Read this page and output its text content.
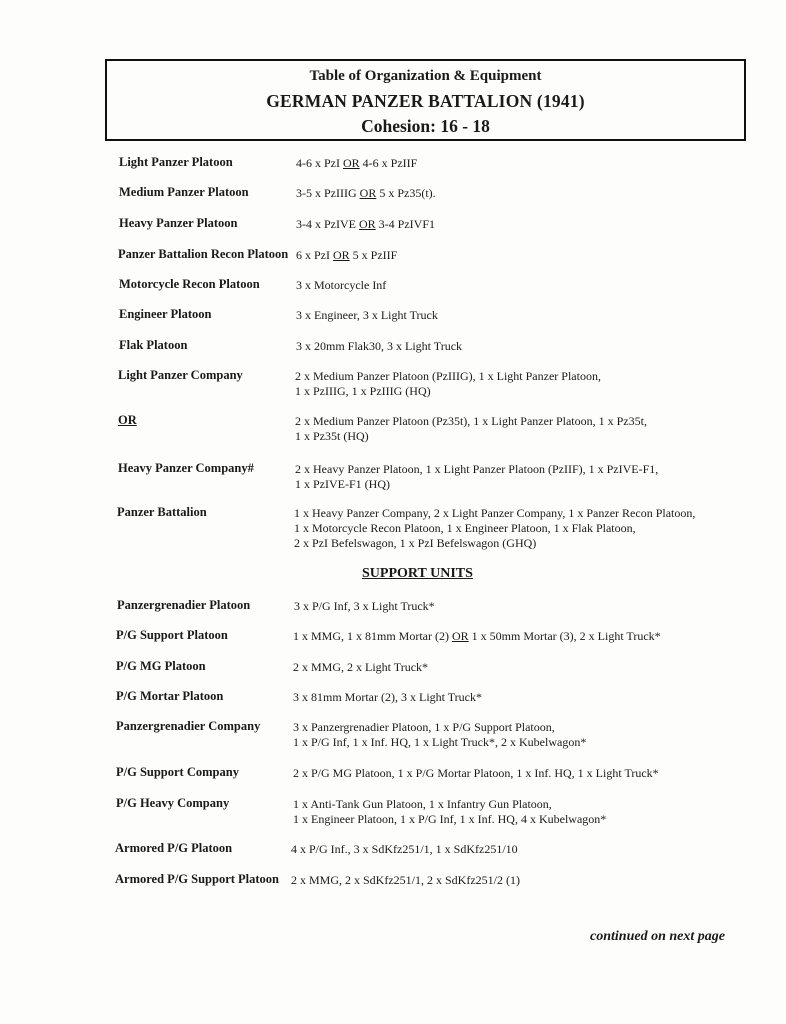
Table of Organization & Equipment
GERMAN PANZER BATTALION (1941)
Cohesion: 16 - 18
Light Panzer Platoon	4-6 x PzI OR 4-6 x PzIIF
Medium Panzer Platoon	3-5 x PzIIIG OR 5 x Pz35(t).
Heavy Panzer Platoon	3-4 x PzIVE OR 3-4 PzIVF1
Panzer Battalion Recon Platoon 6 x PzI OR 5 x PzIIF
Motorcycle Recon Platoon	3 x Motorcycle Inf
Engineer Platoon	3 x Engineer, 3 x Light Truck
Flak Platoon	3 x 20mm Flak30, 3 x Light Truck
Light Panzer Company	2 x Medium Panzer Platoon (PzIIIG), 1 x Light Panzer Platoon,
1 x PzIIIG, 1 x PzIIIG (HQ)
OR	2 x Medium Panzer Platoon (Pz35t), 1 x Light Panzer Platoon, 1 x Pz35t,
1 x Pz35t (HQ)
Heavy Panzer Company#	2 x Heavy Panzer Platoon, 1 x Light Panzer Platoon (PzIIF), 1 x PzIVE-F1,
1 x PzIVE-F1 (HQ)
Panzer Battalion	1 x Heavy Panzer Company, 2 x Light Panzer Company, 1 x Panzer Recon Platoon,
1 x Motorcycle Recon Platoon, 1 x Engineer Platoon, 1 x Flak Platoon,
2 x PzI Befelswagon, 1 x PzI Befelswagon (GHQ)
SUPPORT UNITS
Panzergrenadier Platoon	3 x P/G Inf, 3 x Light Truck*
P/G Support Platoon	1 x MMG, 1 x 81mm Mortar (2) OR 1 x 50mm Mortar (3), 2 x Light Truck*
P/G MG Platoon	2 x MMG, 2 x Light Truck*
P/G Mortar Platoon	3 x 81mm Mortar (2), 3 x Light Truck*
Panzergrenadier Company	3 x Panzergrenadier Platoon, 1 x P/G Support Platoon,
1 x P/G Inf, 1 x Inf. HQ, 1 x Light Truck*, 2 x Kubelwagon*
P/G Support Company	2 x P/G MG Platoon, 1 x P/G Mortar Platoon, 1 x Inf. HQ, 1 x Light Truck*
P/G Heavy Company	1 x Anti-Tank Gun Platoon, 1 x Infantry Gun Platoon,
1 x Engineer Platoon, 1 x P/G Inf, 1 x Inf. HQ, 4 x Kubelwagon*
Armored P/G Platoon	4 x P/G Inf., 3 x SdKfz251/1, 1 x SdKfz251/10
Armored P/G Support Platoon 2 x MMG, 2 x SdKfz251/1, 2 x SdKfz251/2 (1)
continued on next page
